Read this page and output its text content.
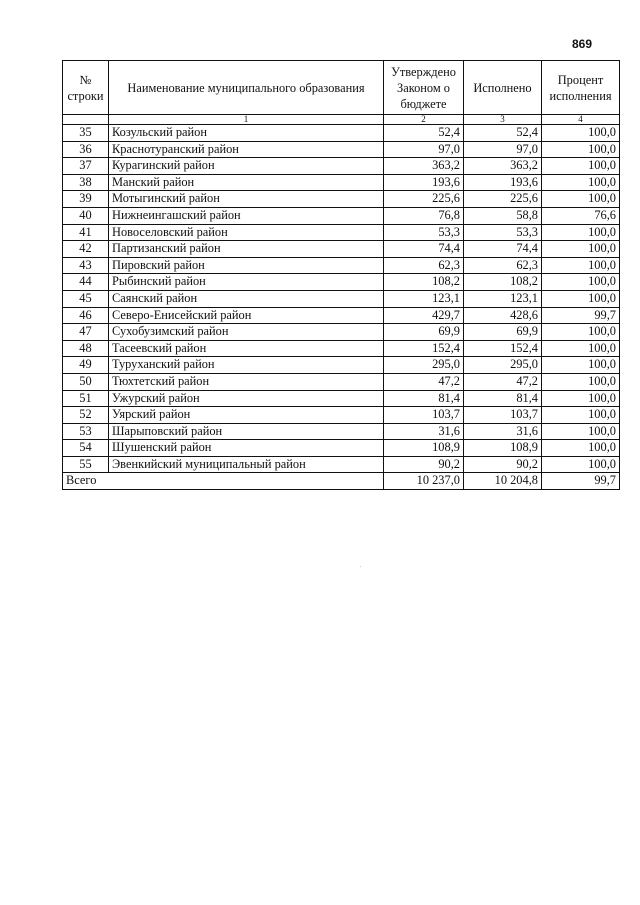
869
№ строки	Наименование муниципального образования	Утверждено Законом о бюджете	Исполнено	Процент исполнения
	1	2	3	4
35	Козульский район	52,4	52,4	100,0
36	Краснотуранский район	97,0	97,0	100,0
37	Курагинский район	363,2	363,2	100,0
38	Манский район	193,6	193,6	100,0
39	Мотыгинский район	225,6	225,6	100,0
40	Нижнеингашский район	76,8	58,8	76,6
41	Новоселовский район	53,3	53,3	100,0
42	Партизанский район	74,4	74,4	100,0
43	Пировский район	62,3	62,3	100,0
44	Рыбинский район	108,2	108,2	100,0
45	Саянский район	123,1	123,1	100,0
46	Северо-Енисейский район	429,7	428,6	99,7
47	Сухобузимский район	69,9	69,9	100,0
48	Тасеевский район	152,4	152,4	100,0
49	Туруханский район	295,0	295,0	100,0
50	Тюхтетский район	47,2	47,2	100,0
51	Ужурский район	81,4	81,4	100,0
52	Уярский район	103,7	103,7	100,0
53	Шарыповский район	31,6	31,6	100,0
54	Шушенский район	108,9	108,9	100,0
55	Эвенкийский муниципальный район	90,2	90,2	100,0
Всего		10 237,0	10 204,8	99,7
